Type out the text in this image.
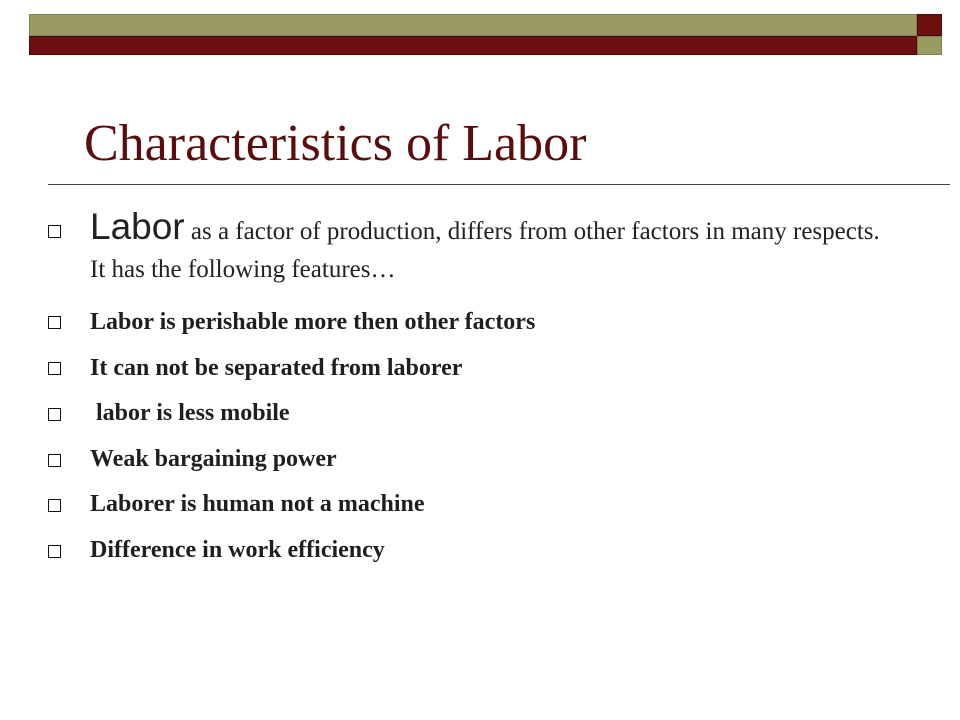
Characteristics of Labor
Labor as a factor of production, differs from other factors in many respects. It has the following features…
Labor is perishable more then other factors
It can not be separated from laborer
labor is less mobile
Weak bargaining power
Laborer is human not a machine
Difference in work efficiency
